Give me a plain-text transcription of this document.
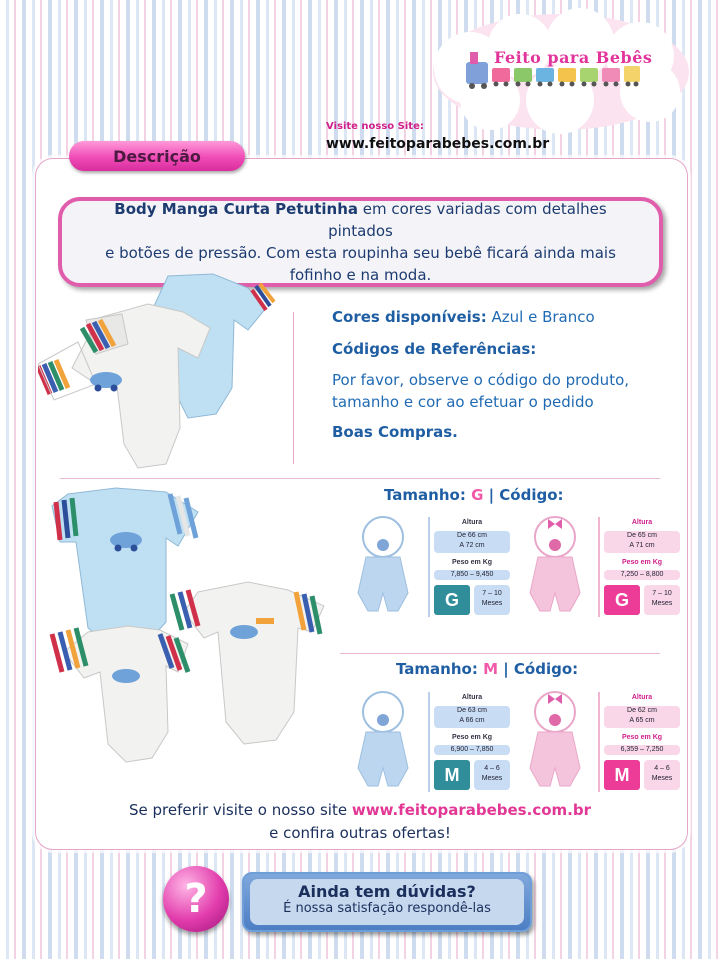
Feito para Bebês
Visite nosso Site:
www.feitoparabebes.com.br
Descrição
Body Manga Curta Petutinha em cores variadas com detalhes pintados
e botões de pressão. Com esta roupinha seu bebê ficará ainda mais
fofinho e na moda.
Cores disponíveis: Azul e Branco
Códigos de Referências:
Por favor, observe o código do produto,
tamanho e cor ao efetuar o pedido
Boas Compras.
Tamanho: G | Código:
Altura
De 66 cm
A 72 cm
Peso em Kg
7,850 – 9,450
G	7 – 10
Meses
Altura
De 65 cm
A 71 cm
Peso em Kg
7,250 – 8,800
G	7 – 10
Meses
Tamanho: M | Código:
Altura
De 63 cm
A 66 cm
Peso em Kg
6,900 – 7,850
M	4 – 6
Meses
Altura
De 62 cm
A 65 cm
Peso em Kg
6,359 – 7,250
M	4 – 6
Meses
Se preferir visite o nosso site www.feitoparabebes.com.br
e confira outras ofertas!
?	Ainda tem dúvidas?
É nossa satisfação respondê-las
